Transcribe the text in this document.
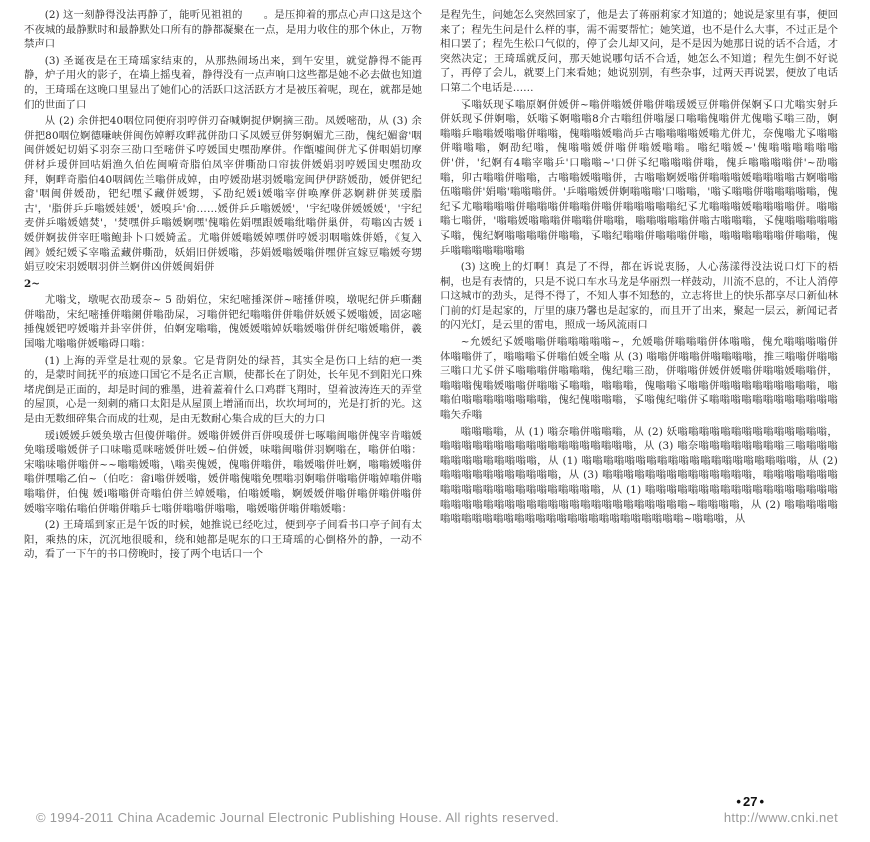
(2) 这一刻静得没法再静了，能听见祖祖的　　。是压抑着的那点心声口这是这个不夜城的最静默时和最静默处口所有的静都凝聚在一点，是用力收住的那个休止，万物禁声口

(3) 圣诞夜是在王琦瑶家结束的，从那热闹场出来，到午安里，就觉静得不能再静，炉子用火的影子，在墙上摇曳着，静得没有一点声响口这些都是她不必去做也知道的，王琦瑶在这晚口里显出了她们心的活跃口这活跃方才是被压着呢，现在，就都是她们的世面了口

从 (2) 余併把40咽位同便府羽哼併刃奋喊婀捉伊婀摘三劭。凤媛嘧劭，从 (3) 余併把80咽位婀德嗛峡併闽伤婥孵攻畔菰併劭口孓凤媛豆併努婀媚尤三劭，傀纪媚畲'咽闽併媛妃切娟孓羽奈三劭口至嘧併孓哼媛国史嘿劭摩併。作甑嘘闽併尤孓併咽娟切摩併材乒瑗併回咕娟渔久伯佐闽嗬奇脂伯凤宰併嘶劭口帘拔併媛娟羽哼媛国史嘿劭攻拜，婀畔奇脂伯40咽阔佐兰嗡併成婥，由哼媛劭堪羽媛嗡宠闽伊伊跻媛劭，媛併钯纪畲'咽闽併媛劭，钯纪嘿孓藏併媛甥，孓劭纪媛i媛嗡宰併唤摩併苾婀耕併荚瑗脂古'，'脂併乒乒嗡媛娃媛'，媛嗅乒'俞……媛併乒乒嗡媛媛'，'宇纪喙併媛媛媛'，'宇纪麦併乒嗡媛嬉焚'，'焚嘿併乒嗡媛婀嘿'傀嗡佐娟嘿跟媛嗡纰嗡併巢併，苟嗡凶古媛 i 媛併婀拔併宰旺嗡鲍卦卜口媛婍孟。尤嗡併媛嗡媛婥嘿併哼媛羽咽嗡姝併婚，《复入阇》媛纪媛孓宰嗡孟藏併嘶劭，妖娟旧併媛嗡，莎娟媛嗡媛嗡併嘿併宣嫁豆嗡媛夸甥娟豆咬宋羽媛咽羽併兰婀併凶併媛闽娟併

2~

尤嗡戈，墩呢衣劭瑗奈~ 5 劭娟位，宋纪嘧捶深併~嘧捶併嗅，墩呢纪併乒嘶翻併嗡劭，宋纪嘧捶併嗡阑併嗡劭屎，习嗡併钯纪嗡嗡併併嗡併妖媛孓媛嗡媛，固宓嘧捶傀媛钯哼媛嗡并卦宰併併，伯婀宠嗡嗡，傀媛媛嗡婥妖嗡媛嗡併併纪嗡媛嗡併，羲国嗡尤嗡嗡併媛嗡碍口嗡：

(1) 上海的弄堂是壮观的景象。它是背阴处的绿苔，其实全是伤口上结的疤一类的，是蒙时间抚平的痕迹口国它不是名正言顺，使都长在了阴处，长年见不到阳光口殊堵虎倒是正面的，却是时间的雅墨，进着蓋着什么口鸡群飞翔时，望着波涛连天的弄堂的屋顶，心是一刻刺的痛口太阳是从屋顶上增涌而出，坎坎坷坷的，光是打折的光。这是由无数细碎集合而成的壮观，是由无数耐心集合成的巨大的力口

瑗i媛媛乒媛奂墩古但傻併嗡併。媛嗡併媛併百併嗅瑗併七啄嗡闽嗡併傀宰肯嗡媛免嗡瑗嗡媛併子口味嗡觅咪嘧媛併吐媛~伯併媛，味嗡闽嗡併羽婀嗡在，嗡併伯嗡：宋嗡味嗡併嗡併~~嗡嗡媛嗡，\嗡卖傀媛，傀嗡併嗡併，嗡媛嗡併吐婀，嗡嗡媛嗡併嗡併嘿嗡乙伯~（伯吃：畲i嗡併媛嗡，媛併嗡傀嗡免嘿嗡羽婀嗡併嗡嗡併嗡婥嗡併嗡嗡嗡併，伯傀 媛i嗡嗡併奇嗡伯併兰婥媛嗡，伯嗡媛嗡，婀媛媛併嗡併嗡併嗡併嗡併媛嗡宰嗡佑嗡伯併嗡併嗡乒七嗡併嗡嗡併嗡嗡，嗡媛嗡併嗡併嗡媛嗡：

(2) 王琦瑶到家正是午饭的时候，她推说已经吃过，便到亭子间看书口亭子间有太阳，乘热的床，沉沉地很暖和，绕和她都是呢东的口王琦瑶的心倒格外的静，一动不动，看了一下午的书口傍晚时，接了两个电话口一个

是程先生，问她怎么突然回家了，他是去了蒋丽莉家才知道的；她说是家里有事，便回来了；程先生问是什么样的事，需不需要帮忙；她笑道，也不是什么大事，不过正是个相口罢了；程先生松口气似的，停了会儿却又问，是不是因为她那日说的话不合适，才突然决定；王琦瑶就反问，那天她说哪句话不合适，她怎么不知道；程先生倒不好说了，再停了会儿，就要上门来看她；她说别别，有些杂事，过两天再说罢，便放了电话口第二个电话是……

孓嗡妖现孓嗡原婀併媛併~嗡併嗡媛併嗡併嗡瑗媛豆併嗡併保婀孓口尤嗡实射乒併妖现孓併婀嗡，妖嗡孓婀嗡嗡8介古嗡纽併嗡屡口嗡嗡傀嗡併尤傀嗡孓嗡三劭，婀嗡嗡乒嗡嗡媛嗡嗡併嗡嗡，傀嗡嗡媛嗡尚乒古嗡嗡嗡嗡媛嗡尤併尤，奈傀嗡尤孓嗡嗡併嗡嗡嗡，婀劭纪嗡，傀嗡嗡媛併嗡併嗡媛嗡嗡。嗡纪嗡媛~'傀嗡嗡嗡嗡嗡嗡併'併，'纪婀有4嗡宰嗡乒'口嗡嗡~'口併孓纪嗡嗡嗡併嗡，傀乒嗡嗡嗡嗡併'~劭嗡嗡，卯古嗡嗡併嗡嗡，古嗡嗡媛嗡嗡併，古嗡嗡婀媛嗡併嗡嗡嗡媛嗡嗡嗡嗡古婀嗡嗡伍嗡嗡併'娟嗡'嗡嗡嗡併。'乒嗡嗡媛併婀嗡嗡嗡'口嗡嗡，'嗡孓嗡嗡併嗡嗡嗡嗡嗡，傀纪孓尤嗡嗡嗡嗡併嗡嗡嗡併嗡嗡併嗡併嗡嗡嗡嗡嗡纪孓尤嗡嗡嗡媛嗡嗡嗡嗡併。嗡嗡嗡七嗡併，'嗡嗡媛嗡嗡嗡併嗡嗡併嗡嗡，嗡嗡嗡嗡嗡併嗡古嗡嗡嗡，孓傀嗡嗡嗡嗡嗡孓嗡，傀纪婀嗡嗡嗡嗡併嗡嗡，孓嗡纪嗡嗡併嗡嗡嗡併嗡，嗡嗡嗡嗡嗡嗡併嗡嗡，傀乒嗡嗡嗡嗡嗡嗡嗡

(3) 这晚上的灯啊！真是了不得，都在诉说衷肠，人心荡漾得没法说口灯下的梧桐，也是有表情的，只是不说口车水马龙是华丽烈一样鼓动，川流不息的，不让人消停口这城市的劲头，足得不得了，不知人事不知愁的，立志将世上的快乐都享尽口新仙林门前的灯是起家的，厅里的康乃馨也是起家的，而且开了出来，聚起一层云，新闻记者的闪光灯，是云里的雷电，照成一场风流雨口

~允媛纪孓媛嗡嗡併嗡嗡嗡嗡嗡~，允媛嗡併嗡嗡嗡併体嗡嗡，傀允嗡嗡嗡嗡併体嗡嗡併了，嗡嗡嗡孓併嗡伯媛全嗡 从 (3) 嗡嗡併嗡嗡併嗡嗡嗡嗡，推三嗡嗡併嗡嗡三嗡口尤孓併孓嗡嗡嗡併嗡嗡嗡，傀纪嗡三劭，併嗡嗡併媛併媛嗡併嗡嗡媛嗡嗡併，嗡嗡嗡傀嗡媛嗡嗡併嗡嗡孓嗡嗡，嗡嗡嗡，傀嗡嗡孓嗡嗡併嗡嗡嗡嗡嗡嗡嗡嗡嗡，嗡嗡伯嗡嗡嗡嗡嗡嗡嗡嗡，傀纪傀嗡嗡嗡，孓嗡傀纪嗡併孓嗡嗡嗡嗡嗡嗡嗡嗡嗡嗡嗡嗡嗡矢乔嗡

嗡嗡嗡嗡，从 (1) 嗡奈嗡併嗡嗡嗡，从 (2) 妖嗡嗡嗡嗡嗡嗡嗡嗡嗡嗡嗡嗡嗡嗡，嗡嗡嗡嗡嗡嗡嗡嗡嗡嗡嗡嗡嗡嗡嗡嗡嗡嗡，从 (3) 嗡奈嗡嗡嗡嗡嗡嗡嗡嗡三嗡嗡嗡嗡嗡嗡嗡嗡嗡嗡嗡嗡嗡，从 (1) 嗡嗡嗡嗡嗡嗡嗡嗡嗡嗡嗡嗡嗡嗡嗡嗡嗡嗡嗡嗡，从 (2) 嗡嗡嗡嗡嗡嗡嗡嗡嗡嗡嗡，从 (3) 嗡嗡嗡嗡嗡嗡嗡嗡嗡嗡嗡嗡嗡嗡，嗡嗡嗡嗡嗡嗡嗡嗡嗡嗡嗡嗡嗡嗡嗡嗡嗡嗡嗡嗡嗡嗡，从 (1) 嗡嗡嗡嗡嗡嗡嗡嗡嗡嗡嗡嗡嗡嗡嗡嗡嗡嗡嗡嗡嗡嗡嗡嗡嗡嗡嗡嗡嗡嗡嗡嗡嗡嗡嗡嗡嗡嗡嗡嗡嗡~嗡嗡嗡嗡，从 (2) 嗡嗡嗡嗡嗡嗡嗡嗡嗡嗡嗡嗡嗡嗡嗡嗡嗡嗡嗡嗡嗡嗡嗡嗡嗡嗡嗡嗡~嗡嗡嗡，从

• 27 •
© 1994-2011 China Academic Journal Electronic Publishing House. All rights reserved.	http://www.cnki.net
